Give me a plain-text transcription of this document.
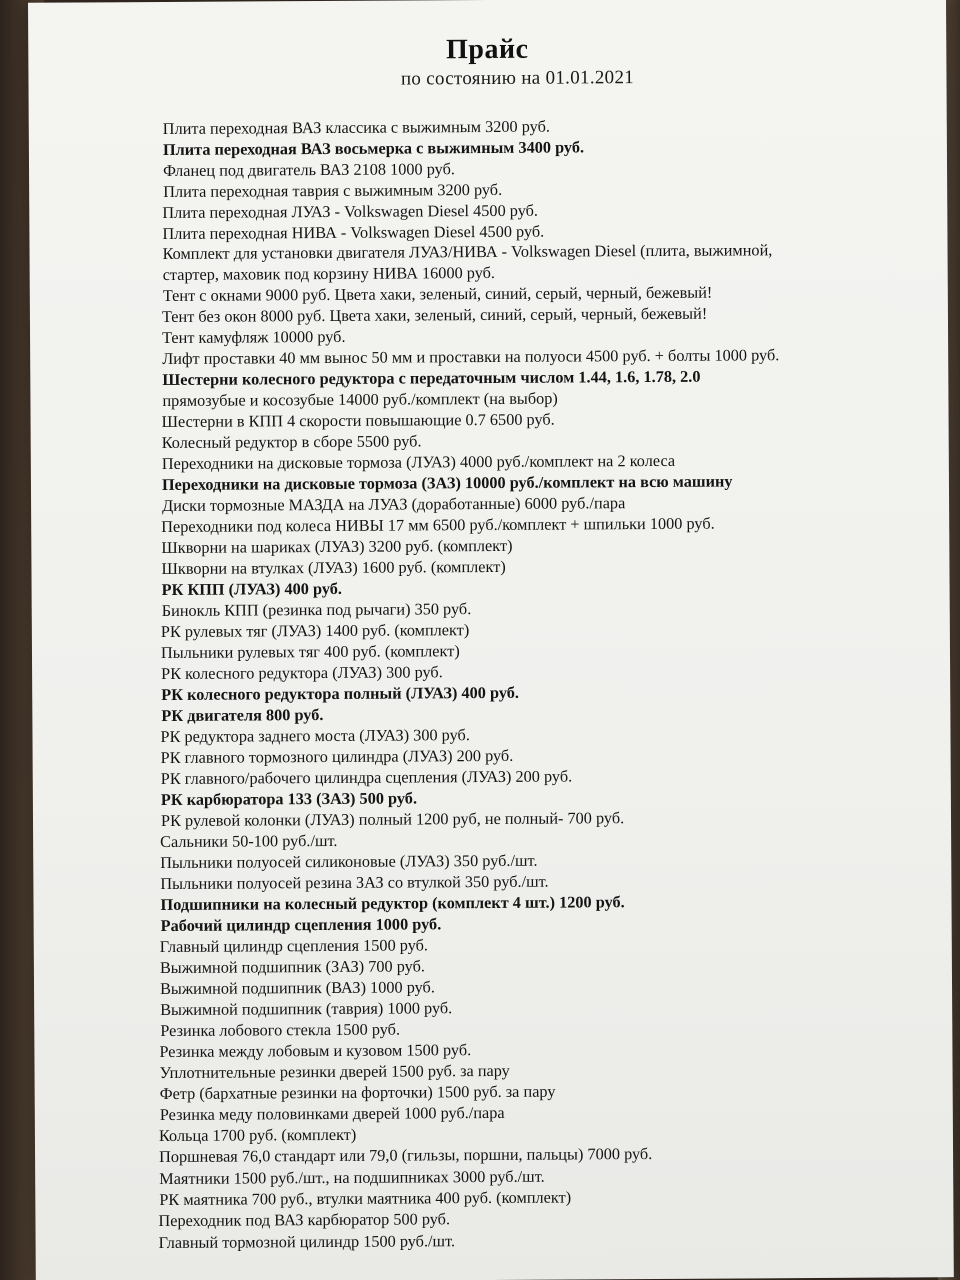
Прайс
по состоянию на 01.01.2021
Плита переходная ВАЗ классика с выжимным 3200 руб.
Плита переходная ВАЗ восьмерка с выжимным 3400 руб.
Фланец под двигатель ВАЗ 2108 1000 руб.
Плита переходная таврия с выжимным 3200 руб.
Плита переходная ЛУАЗ - Volkswagen Diesel 4500 руб.
Плита переходная НИВА - Volkswagen Diesel 4500 руб.
Комплект для установки двигателя ЛУАЗ/НИВА - Volkswagen Diesel (плита, выжимной,
стартер, маховик под корзину НИВА 16000 руб.
Тент с окнами 9000 руб. Цвета хаки, зеленый, синий, серый, черный, бежевый!
Тент без окон 8000 руб. Цвета хаки, зеленый, синий, серый, черный, бежевый!
Тент камуфляж 10000 руб.
Лифт проставки 40 мм вынос 50 мм и проставки на полуоси 4500 руб. + болты 1000 руб.
Шестерни колесного редуктора с передаточным числом 1.44, 1.6, 1.78, 2.0
прямозубые и косозубые 14000 руб./комплект (на выбор)
Шестерни в КПП 4 скорости повышающие 0.7 6500 руб.
Колесный редуктор в сборе 5500 руб.
Переходники на дисковые тормоза (ЛУАЗ) 4000 руб./комплект на 2 колеса
Переходники на дисковые тормоза (ЗАЗ) 10000 руб./комплект на всю машину
Диски тормозные МАЗДА на ЛУАЗ (доработанные) 6000 руб./пара
Переходники под колеса НИВЫ 17 мм 6500 руб./комплект + шпильки 1000 руб.
Шкворни на шариках (ЛУАЗ) 3200 руб. (комплект)
Шкворни на втулках (ЛУАЗ) 1600 руб. (комплект)
РК КПП (ЛУАЗ) 400 руб.
Бинокль КПП (резинка под рычаги) 350 руб.
РК рулевых тяг (ЛУАЗ) 1400 руб. (комплект)
Пыльники рулевых тяг 400 руб. (комплект)
РК колесного редуктора (ЛУАЗ) 300 руб.
РК колесного редуктора полный (ЛУАЗ) 400 руб.
РК двигателя 800 руб.
РК редуктора заднего моста (ЛУАЗ) 300 руб.
РК главного тормозного цилиндра (ЛУАЗ) 200 руб.
РК главного/рабочего цилиндра сцепления (ЛУАЗ) 200 руб.
РК карбюратора 133 (ЗАЗ) 500 руб.
РК рулевой колонки (ЛУАЗ) полный 1200 руб, не полный- 700 руб.
Сальники 50-100 руб./шт.
Пыльники полуосей силиконовые (ЛУАЗ) 350 руб./шт.
Пыльники полуосей резина ЗАЗ со втулкой 350 руб./шт.
Подшипники на колесный редуктор (комплект 4 шт.) 1200 руб.
Рабочий цилиндр сцепления 1000 руб.
Главный цилиндр сцепления 1500 руб.
Выжимной подшипник (ЗАЗ) 700 руб.
Выжимной подшипник (ВАЗ) 1000 руб.
Выжимной подшипник (таврия) 1000 руб.
Резинка лобового стекла 1500 руб.
Резинка между лобовым и кузовом 1500 руб.
Уплотнительные резинки дверей 1500 руб. за пару
Фетр (бархатные резинки на форточки) 1500 руб. за пару
Резинка меду половинками дверей 1000 руб./пара
Кольца 1700 руб. (комплект)
Поршневая 76,0 стандарт или 79,0 (гильзы, поршни, пальцы) 7000 руб.
Маятники 1500 руб./шт., на подшипниках 3000 руб./шт.
РК маятника 700 руб., втулки маятника 400 руб. (комплект)
Переходник под ВАЗ карбюратор 500 руб.
Главный тормозной цилиндр 1500 руб./шт.
